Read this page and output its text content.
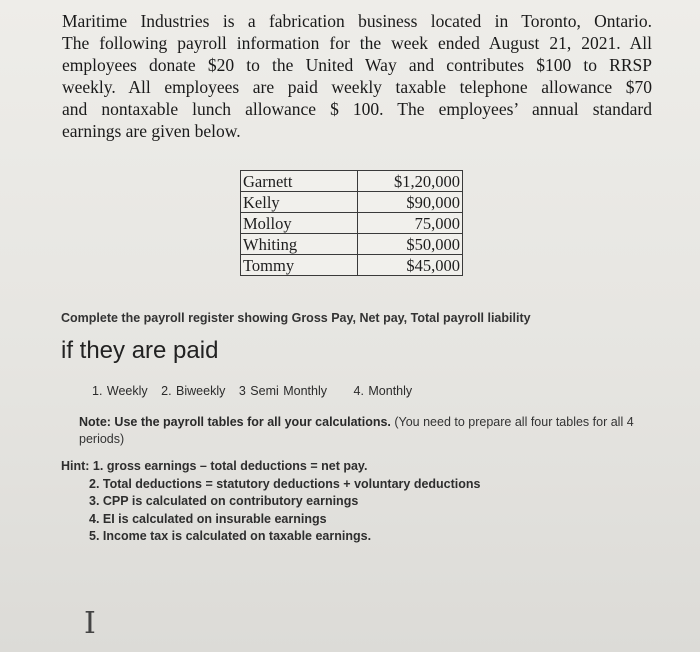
Maritime Industries is a fabrication business located in Toronto, Ontario.
The following payroll information for the week ended August 21, 2021. All
employees donate $20 to the United Way and contributes $100 to RRSP
weekly. All employees are paid weekly taxable telephone allowance $70
and nontaxable lunch allowance $ 100. The employees’ annual standard
earnings are given below.
Garnett	$1,20,000
Kelly	$90,000
Molloy	75,000
Whiting	$50,000
Tommy	$45,000
Complete the payroll register showing Gross Pay, Net pay, Total payroll liability
if they are paid
1. Weekly 2. Biweekly 3 Semi Monthly 4. Monthly
Note: Use the payroll tables for all your calculations. (You need to prepare all four tables for all 4 periods)
Hint: 1. gross earnings – total deductions = net pay.
2. Total deductions = statutory deductions + voluntary deductions
3. CPP is calculated on contributory earnings
4. EI is calculated on insurable earnings
5. Income tax is calculated on taxable earnings.
I
